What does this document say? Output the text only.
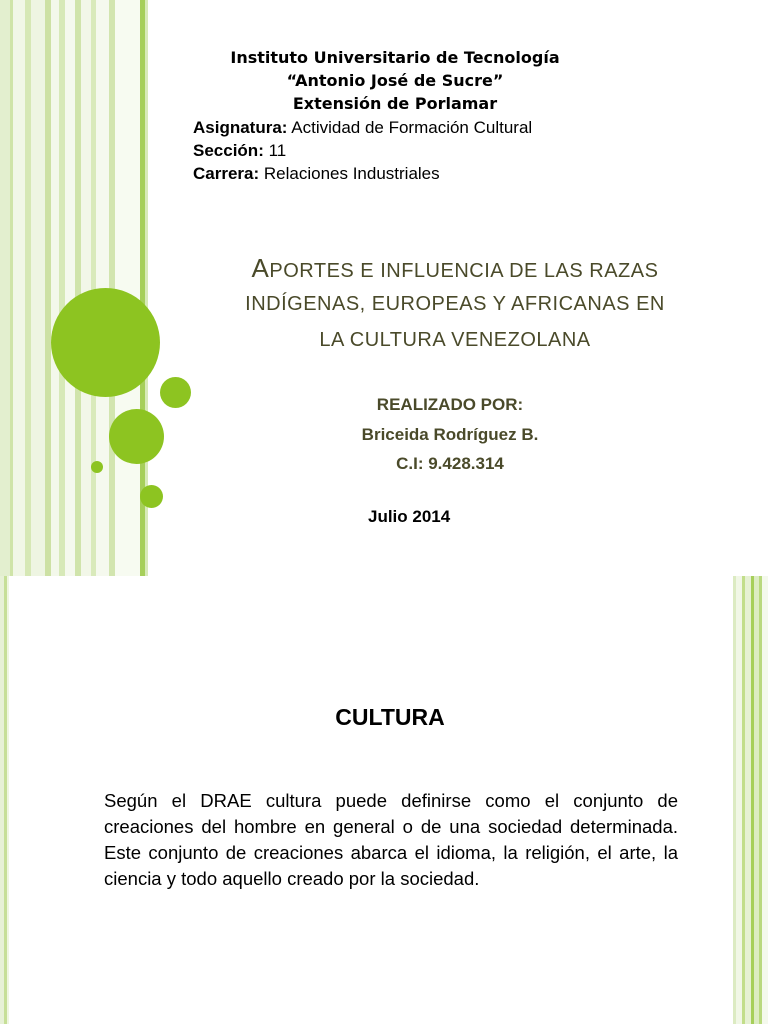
Instituto Universitario de Tecnología
“Antonio José de Sucre”
Extensión de Porlamar
Asignatura: Actividad de Formación Cultural
Sección: 11
Carrera: Relaciones Industriales
APORTES E INFLUENCIA DE LAS RAZAS
INDÍGENAS, EUROPEAS Y AFRICANAS EN
LA CULTURA VENEZOLANA
REALIZADO POR:
Briceida Rodríguez B.
C.I: 9.428.314
Julio 2014
CULTURA
Según el DRAE cultura puede definirse como el conjunto de creaciones del hombre en general o de una sociedad determinada. Este conjunto de creaciones abarca el idioma, la religión, el arte, la ciencia y todo aquello creado por la sociedad.
